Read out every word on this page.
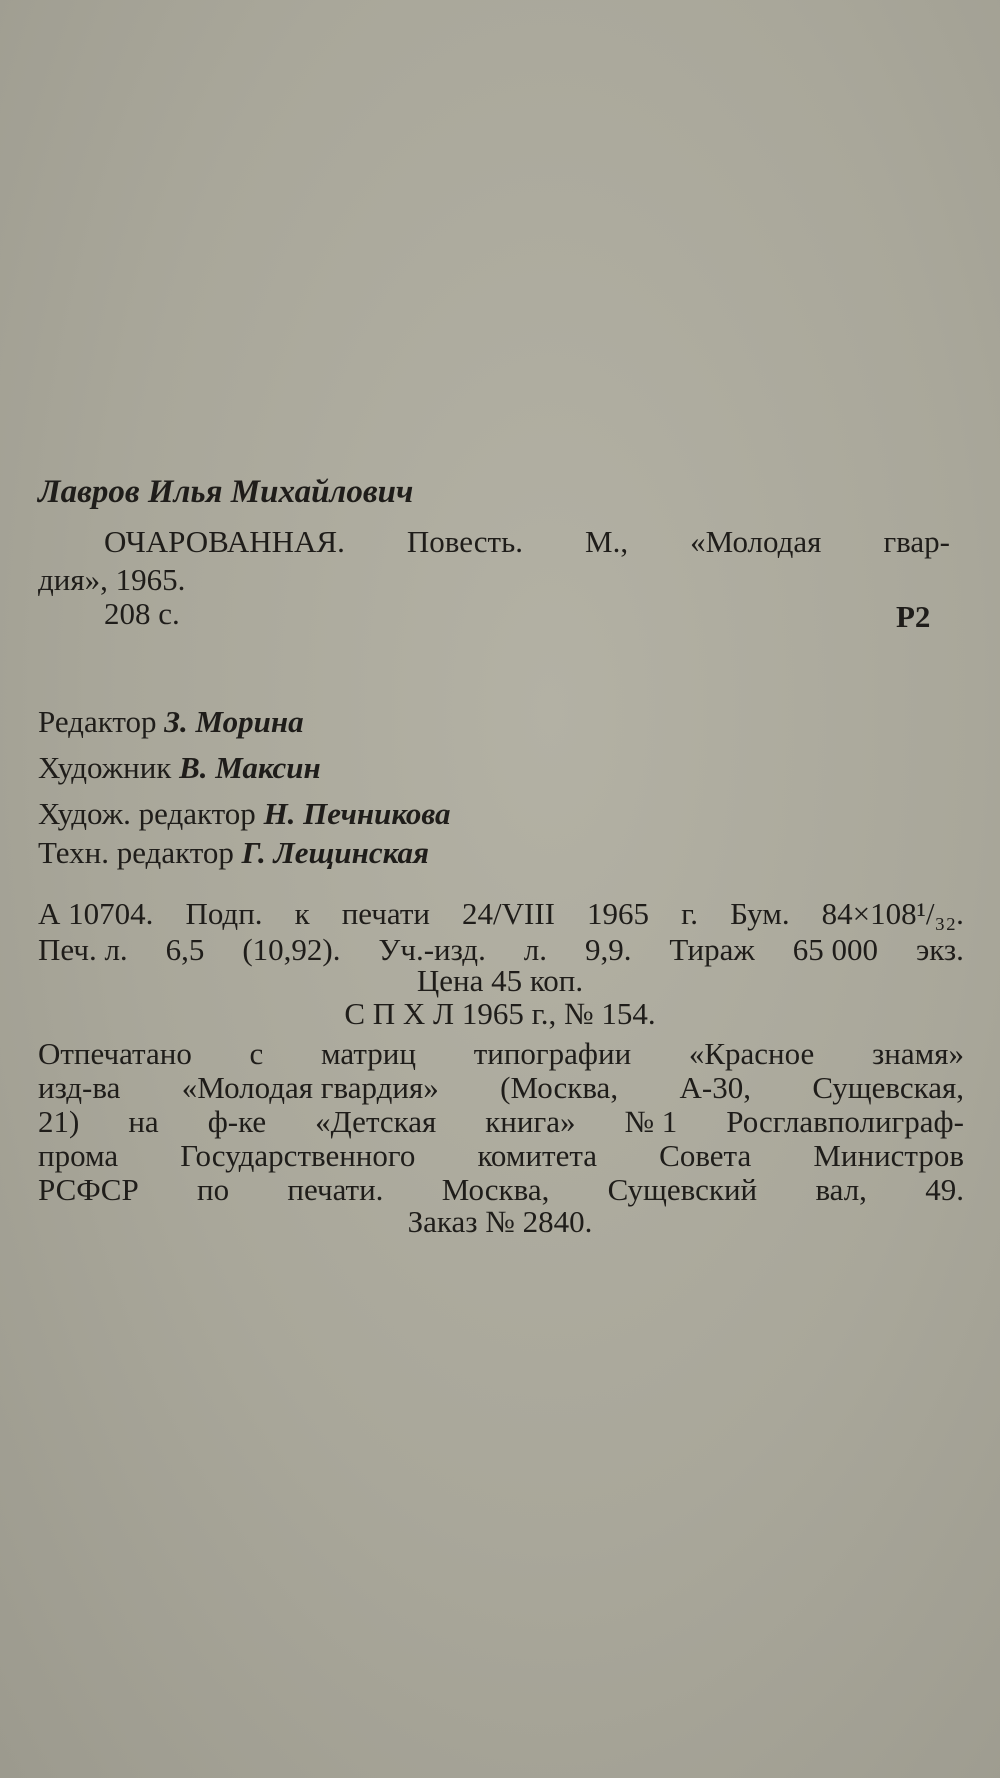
Лавров Илья Михайлович
ОЧАРОВАННАЯ. Повесть. М., «Молодая гвар-
дия», 1965.
208 с.	Р2
Редактор З. Морина
Художник В. Максин
Худож. редактор Н. Печникова
Техн. редактор Г. Лещинская
А 10704. Подп. к печати 24/VIII 1965 г. Бум. 84×108¹/₃₂.
Печ. л. 6,5 (10,92). Уч.-изд. л. 9,9. Тираж 65 000 экз.
Цена 45 коп.
С П Х Л 1965 г., № 154.
Отпечатано с матриц типографии «Красное знамя»
изд-ва «Молодая гвардия» (Москва, А-30, Сущевская,
21) на ф-ке «Детская книга» № 1 Росглавполиграф-
прома Государственного комитета Совета Министров
РСФСР по печати. Москва, Сущевский вал, 49.
Заказ № 2840.
